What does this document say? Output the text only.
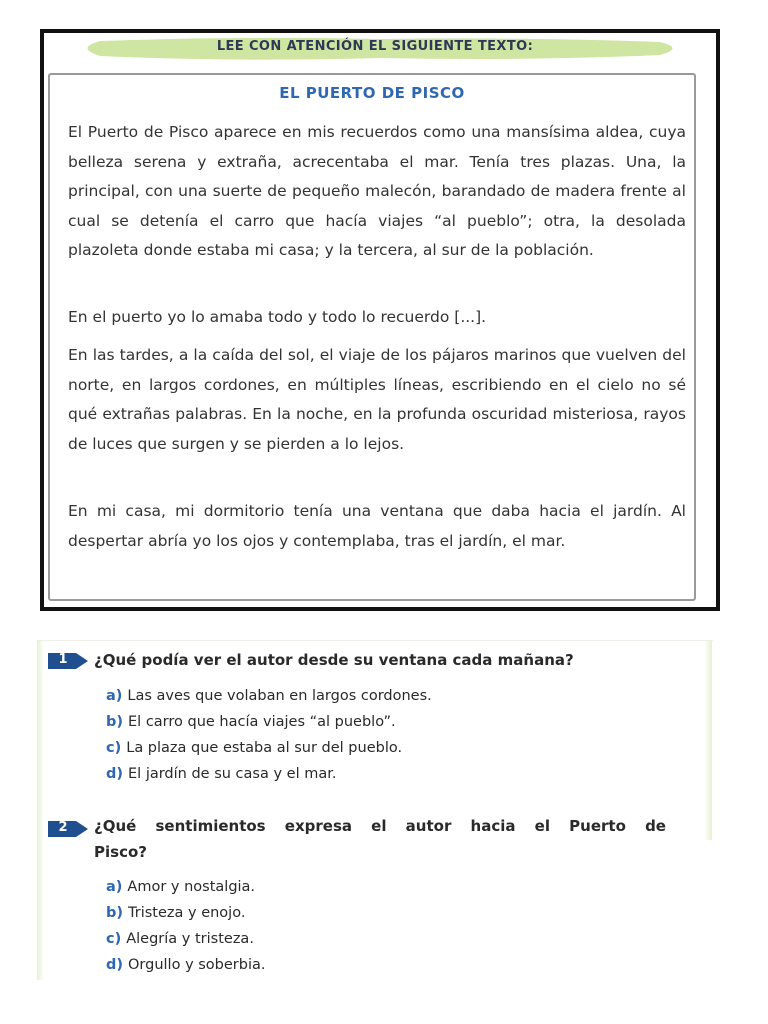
LEE CON ATENCIÓN EL SIGUIENTE TEXTO:
EL PUERTO DE PISCO
El Puerto de Pisco aparece en mis recuerdos como una mansísima aldea, cuya belleza serena y extraña, acrecentaba el mar. Tenía tres plazas. Una, la principal, con una suerte de pequeño malecón, barandado de madera frente al cual se detenía el carro que hacía viajes “al pueblo”; otra, la desolada plazoleta donde estaba mi casa; y la tercera, al sur de la población.
En el puerto yo lo amaba todo y todo lo recuerdo [...].
En las tardes, a la caída del sol, el viaje de los pájaros marinos que vuelven del norte, en largos cordones, en múltiples líneas, escribiendo en el cielo no sé qué extrañas palabras. En la noche, en la profunda oscuridad misteriosa, rayos de luces que surgen y se pierden a lo lejos.
En mi casa, mi dormitorio tenía una ventana que daba hacia el jardín. Al despertar abría yo los ojos y contemplaba, tras el jardín, el mar.
1	¿Qué podía ver el autor desde su ventana cada mañana?
a) Las aves que volaban en largos cordones.
b) El carro que hacía viajes “al pueblo”.
c) La plaza que estaba al sur del pueblo.
d) El jardín de su casa y el mar.
2	¿Qué sentimientos expresa el autor hacia el Puerto de
Pisco?
a) Amor y nostalgia.
b) Tristeza y enojo.
c) Alegría y tristeza.
d) Orgullo y soberbia.
